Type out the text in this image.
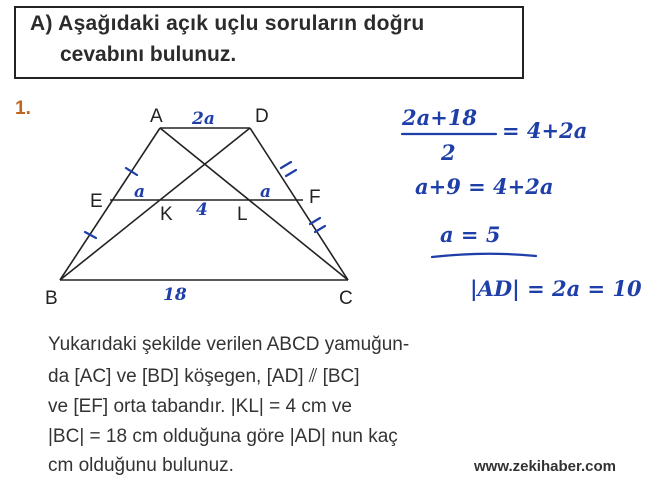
A) Aşağıdaki açık uçlu soruların doğru
cevabını bulunuz.
1.	A	D
E	F
K	L
B	C
2a
a
4
a
18
2a+18
2
= 4+2a
a+9 = 4+2a
a = 5
|AD| = 2a = 10
Yukarıdaki şekilde verilen ABCD yamuğun-
da [AC] ve [BD] köşegen, [AD] ⫽ [BC]
ve [EF] orta tabandır. |KL| = 4 cm ve
|BC| = 18 cm olduğuna göre |AD| nun kaç
cm olduğunu bulunuz.	www.zekihaber.com
